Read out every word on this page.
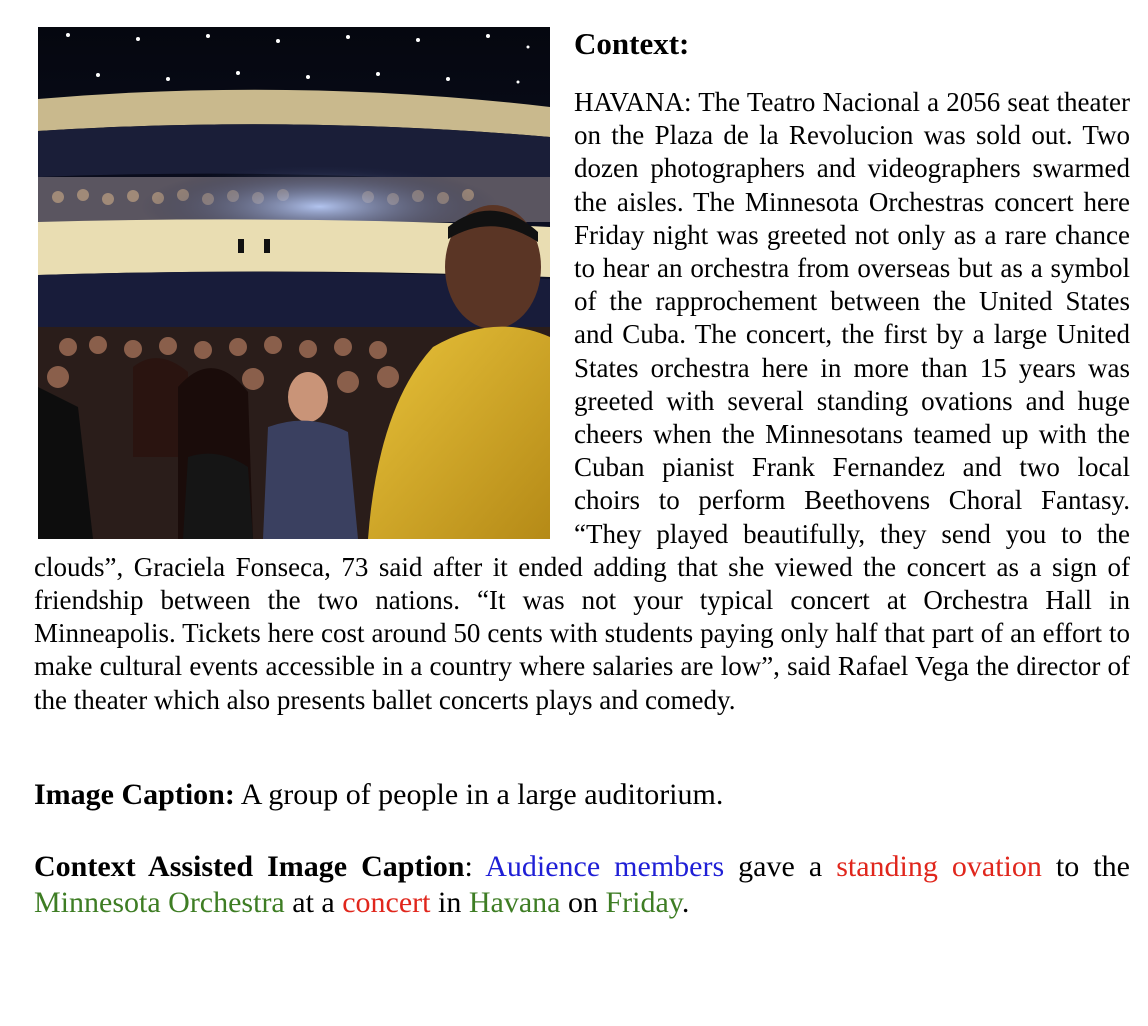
Context:

HAVANA: The Teatro Nacional a 2056 seat theater on the Plaza de la Revolucion was sold out. Two dozen photographers and videographers swarmed the aisles. The Minnesota Orchestras concert here Friday night was greeted not only as a rare chance to hear an orchestra from overseas but as a symbol of the rapprochement between the United States and Cuba. The concert, the first by a large United States orchestra here in more than 15 years was greeted with several standing ovations and huge cheers when the Minnesotans teamed up with the Cuban pianist Frank Fernandez and two local choirs to perform Beethovens Choral Fantasy. “They played beautifully, they send you to the clouds”, Graciela Fonseca, 73 said after it ended adding that she viewed the concert as a sign of friendship between the two nations. “It was not your typical concert at Orchestra Hall in Minneapolis. Tickets here cost around 50 cents with students paying only half that part of an effort to make cultural events accessible in a country where salaries are low”, said Rafael Vega the director of the theater which also presents ballet concerts plays and comedy.

Image Caption: A group of people in a large auditorium.

Context Assisted Image Caption: Audience members gave a standing ovation to the Minnesota Orchestra at a concert in Havana on Friday.
